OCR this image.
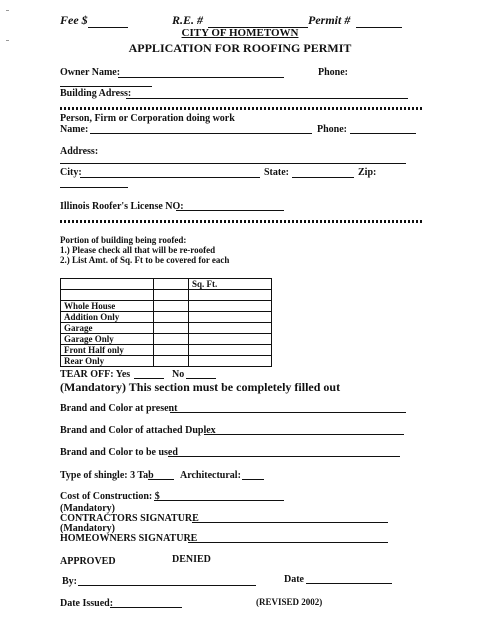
Fee $	R.E. #	Permit #
CITY OF HOMETOWN
APPLICATION FOR ROOFING PERMIT
Owner Name:	Phone:
Building Adress:
Person, Firm or Corporation doing work
Name:	Phone:
Address:
City:	State:	Zip:
Illinois Roofer's License NO:
Portion of building being roofed:
1.) Please check all that will be re-roofed
2.) List Amt. of Sq. Ft to be covered for each
		Sq. Ft.

Whole House		
Addition Only		
Garage		
Garage Only		
Front Half only		
Rear Only		
TEAR OFF: Yes	No
(Mandatory) This section must be completely filled out
Brand and Color at present
Brand and Color of attached Duplex
Brand and Color to be used
Type of shingle: 3 Tab	Architectural:
Cost of Construction: $
(Mandatory)
CONTRACTORS SIGNATURE
(Mandatory)
HOMEOWNERS SIGNATURE
APPROVED	DENIED
By:	Date
Date Issued:	(REVISED 2002)
